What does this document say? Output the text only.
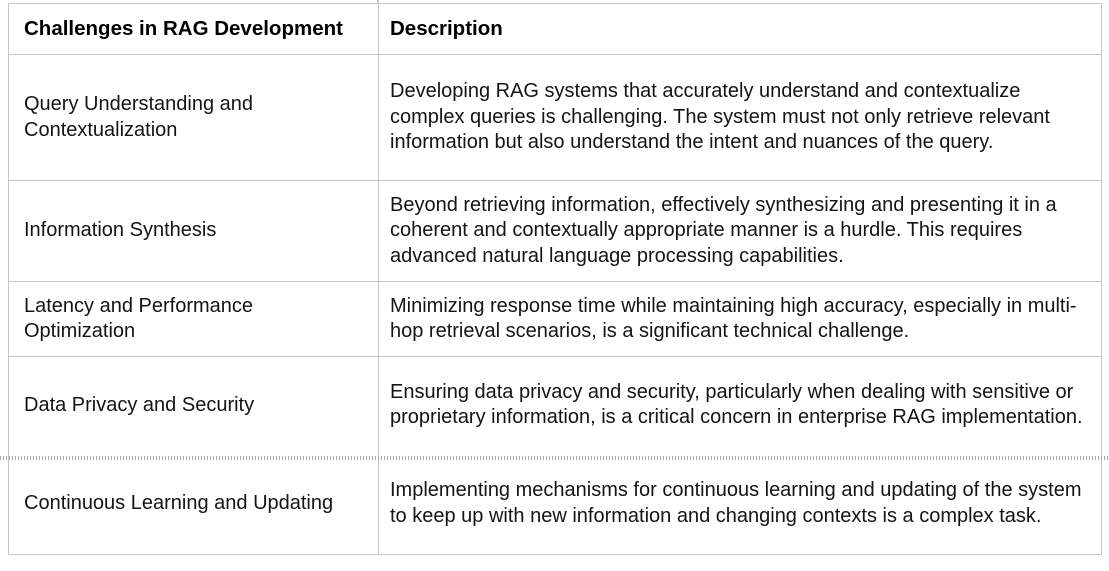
Challenges in RAG Development	Description
Query Understanding and Contextualization	Developing RAG systems that accurately understand and contextualize complex queries is challenging. The system must not only retrieve relevant information but also understand the intent and nuances of the query.
Information Synthesis	Beyond retrieving information, effectively synthesizing and presenting it in a coherent and contextually appropriate manner is a hurdle. This requires advanced natural language processing capabilities.
Latency and Performance Optimization	Minimizing response time while maintaining high accuracy, especially in multi-hop retrieval scenarios, is a significant technical challenge.
Data Privacy and Security	Ensuring data privacy and security, particularly when dealing with sensitive or proprietary information, is a critical concern in enterprise RAG implementation.
Continuous Learning and Updating	Implementing mechanisms for continuous learning and updating of the system to keep up with new information and changing contexts is a complex task.
